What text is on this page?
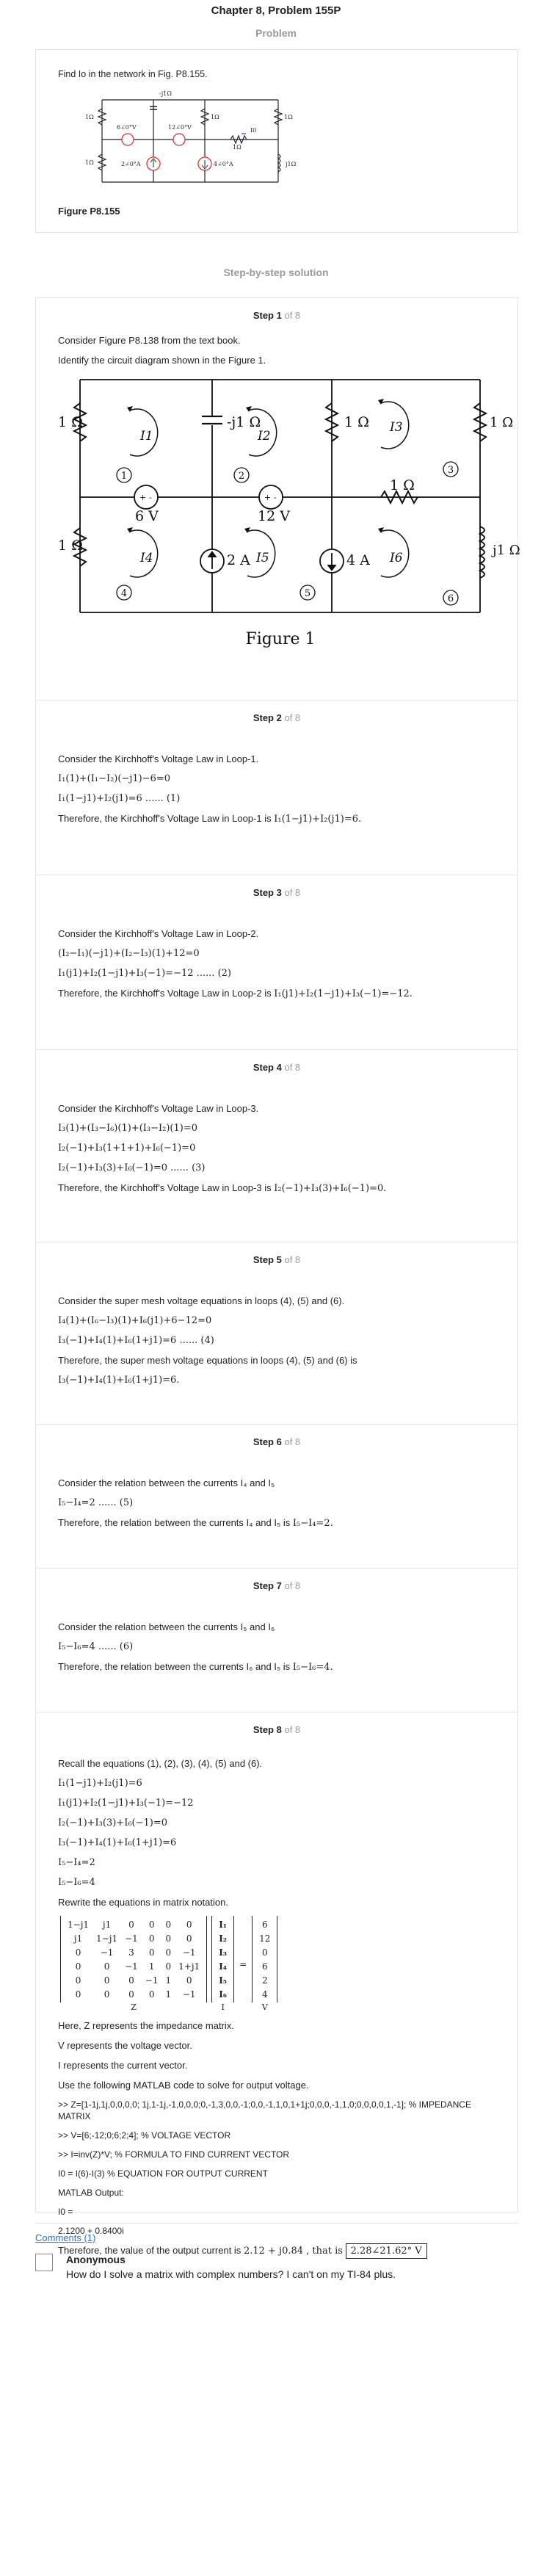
Chapter 8, Problem 155P
Problem

Find Io in the network in Fig. P8.155.

1Ω
-j1Ω
1Ω	1Ω
6∠0°V	12∠0°V
1Ω
I0
1Ω	2∠0°A	4∠0°A	j1Ω
Figure P8.155
Step-by-step solution
Step 1 of 8

Consider Figure P8.138 from the text book.

Identify the circuit diagram shown in the Figure 1.

+ -	+ -
1	2
3
4	5	6
I1	I2
I3
I4	I5	I6
1 Ω	-j1 Ω	1 Ω	1 Ω
1 Ω
1 Ω	j1 Ω
6 V	12 V
2 A	4 A
Figure 1
Step 2 of 8

Consider the Kirchhoff's Voltage Law in Loop-1.

I₁(1)+(I₁−I₂)(−j1)−6=0
I₁(1−j1)+I₂(j1)=6 ...... (1)

Therefore, the Kirchhoff's Voltage Law in Loop-1 is I₁(1−j1)+I₂(j1)=6.

Step 3 of 8

Consider the Kirchhoff's Voltage Law in Loop-2.

(I₂−I₁)(−j1)+(I₂−I₃)(1)+12=0
I₁(j1)+I₂(1−j1)+I₃(−1)=−12 ...... (2)

Therefore, the Kirchhoff's Voltage Law in Loop-2 is I₁(j1)+I₂(1−j1)+I₃(−1)=−12.

Step 4 of 8

Consider the Kirchhoff's Voltage Law in Loop-3.

I₃(1)+(I₃−I₆)(1)+(I₃−I₂)(1)=0
I₂(−1)+I₃(1+1+1)+I₆(−1)=0
I₂(−1)+I₃(3)+I₆(−1)=0 ...... (3)

Therefore, the Kirchhoff's Voltage Law in Loop-3 is I₂(−1)+I₃(3)+I₆(−1)=0.

Step 5 of 8

Consider the super mesh voltage equations in loops (4), (5) and (6).

I₄(1)+(I₆−I₃)(1)+I₆(j1)+6−12=0
I₃(−1)+I₄(1)+I₆(1+j1)=6 ...... (4)

Therefore, the super mesh voltage equations in loops (4), (5) and (6) is

I₃(−1)+I₄(1)+I₆(1+j1)=6.
Step 6 of 8

Consider the relation between the currents I₄ and I₅

I₅−I₄=2 ...... (5)

Therefore, the relation between the currents I₄ and I₅ is I₅−I₄=2.

Step 7 of 8

Consider the relation between the currents I₅ and I₆

I₅−I₆=4 ...... (6)

Therefore, the relation between the currents I₆ and I₅ is I₅−I₆=4.

Step 8 of 8

Recall the equations (1), (2), (3), (4), (5) and (6).

I₁(1−j1)+I₂(j1)=6
I₁(j1)+I₂(1−j1)+I₃(−1)=−12
I₂(−1)+I₃(3)+I₆(−1)=0
I₃(−1)+I₄(1)+I₆(1+j1)=6
I₅−I₄=2
I₅−I₆=4

Rewrite the equations in matrix notation.

1−j1	j1	0	0	0	0
j1	1−j1	−1	0	0	0
0	−1	3	0	0	−1
0	0	−1	1	0	1+j1
0	0	0	−1	1	0
0	0	0	0	1	−1
Z
I₁
I₂
I₃
I₄
I₅
I₆
I
=
6
12
0
6
2
4
V

Here, Z represents the impedance matrix.

V represents the voltage vector.

I represents the current vector.

Use the following MATLAB code to solve for output voltage.

>> Z=[1-1j,1j,0,0,0,0; 1j,1-1j,-1,0,0,0;0,-1,3,0,0,-1;0,0,-1,1,0,1+1j;0,0,0,-1,1,0;0,0,0,0,1,-1]; % IMPEDANCE MATRIX
>> V=[6;-12;0;6;2;4]; % VOLTAGE VECTOR
>> I=inv(Z)*V; % FORMULA TO FIND CURRENT VECTOR
I0 = I(6)-I(3) % EQUATION FOR OUTPUT CURRENT
MATLAB Output:
I0 =
2.1200 + 0.8400i

Therefore, the value of the output current is 2.12 + j0.84 , that is 2.28∠21.62° V

Comments (1)
Anonymous
How do I solve a matrix with complex numbers? I can't on my TI-84 plus.
